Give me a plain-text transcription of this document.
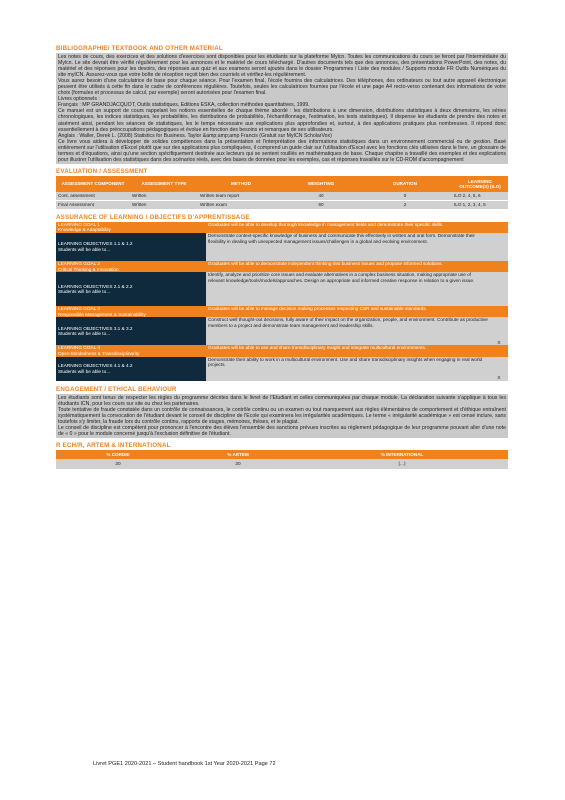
BIBLIOGRAPHIE/ TEXTBOOK AND OTHER MATERIAL

Les notes de cours, des exercices et des solutions d'exercices sont disponibles pour les étudiants sur la plateforme Mylcn. Toutes les communications du cours se feront par l'intermédiaire du Mylcn. Le site devrait être vérifié régulièrement pour les annonces et le matériel de cours téléchargé. D'autres documents tels que des annonces, des présentations PowerPoint, des notes, du matériel et des réponses pour les devoirs, des réponses aux quiz et aux examens seront ajoutés dans le dossier Programmes / Liste des modules / Supports module FR Outils Numériques du site myICN. Assurez-vous que votre boîte de réception reçoit bien des courriels et vérifiez-les régulièrement.

Vous aurez besoin d'une calculatrice de base pour chaque séance. Pour l'examen final, l'école fournira des calculatrices. Des téléphones, des ordinateurs ou tout autre appareil électronique peuvent être utilisés à cette fin dans le cadre de conférences régulières. Toutefois, seules les calculatrices fournies par l'école et une page A4 recto-verso contenant des informations de votre choix (formules et processus de calcul, par exemple) seront autorisées pour l'examen final.

Livres optionnels :

Français : MP GRANDJACQUOT, Outils statistiques, Editions ESKA, collection méthodes quantitatives, 1999.

Ce manuel est un support de cours rappelant les notions essentielles de chaque thème abordé : les distributions à une dimension, distributions statistiques à deux dimensions, les séries chronologiques, les indices statistiques, les probabilités, les distributions de probabilités, l'échantillonnage, l'estimation, les tests statistiques). Il dispense les étudiants de prendre des notes et aisément ainsi, pendant les séances de statistiques, les le temps nécessaire aux explications plus approfondies et, surtout, à des applications pratiques plus nombreuses. Il répond donc essentiellement à des préoccupations pédagogiques et évolue en fonction des besoins et remarques de ses utilisateurs.

Anglais : Waller, Derek L. (2008) Statistics for Business. Taylor &amp;amp;amp Francis (Gratuit sur MyICN ScholarVox)

Ce livre vous aidera à développer de solides compétences dans la présentation et l'interprétation des informations statistiques dans un environnement commercial ou de gestion. Basé entièrement sur l'utilisation d'Excel plutôt que sur des applications plus compliquées, il comprend un guide clair sur l'utilisation d'Excel avec les fonctions clés utilisées dans le livre, un glossaire de termes et d'équations, ainsi qu'une section spécifiquement destinée aux lecteurs qui se sentent rouillés en mathématiques de base. Chaque chapitre a travaillé des exemples et des explications pour illustrer l'utilisation des statistiques dans des scénarios réels, avec des bases de données pour les exemples, cas et réponses travaillés sur le CD-ROM d'accompagnement

EVALUATION / ASSESSMENT
ASSESSMENT COMPONENT	ASSESSMENT TYPE	METHOD	WEIGHTING	DURATION	LEARNING OUTCOME(S) (ILO)
Cont. assessment	Written	Written team report	40	0	ILO 2, 4, 5, 6
Final Assessment	Written	Written exam	60	2	ILO 1, 2, 3, 4, 5
ASSURANCE OF LEARNING / OBJECTIFS D'APPRENTISSAGE
LEARNING GOAL 1
Knowledge & Adaptability	Graduates will be able to develop thorough knowledge in management fields and demonstrate their specific skills.	
LEARNING OBJECTIVES 1.1 & 1.2
Students will be able to...	Demonstrate context-specific knowledge of business and communicate this effectively in written and oral form. Demonstrate their flexibility in dealing with unexpected management issues/challenges in a global and evolving environment.	
LEARNING GOAL 2
Critical Thinking & Innovation	Graduates will be able to demonstrate independent thinking into business issues and propose informed solutions.	
LEARNING OBJECTIVES 2.1 & 2.2
Students will be able to...	Identify, analyze and prioritize core issues and evaluate alternatives in a complex business situation, making appropriate use of relevant knowledge/tools/models/approaches. Design an appropriate and informed creative response in relation to a given issue.	
LEARNING GOAL 3
Responsible Management & Sustainability	Graduates will be able to manage decision making processes respecting CSR and sustainable standards.	
LEARNING OBJECTIVES 3.1 & 3.2
Students will be able to...	Construct well thought-out decisions, fully aware of their impact on the organization, people, and environment. Contribute as productive members to a project and demonstrate team management and leadership skills.	X
LEARNING GOAL 4
Open-Mindedness & Transdisciplinarity	Graduates will be able to use and share transdisciplinary insight and integrate multicultural environments.	
LEARNING OBJECTIVES 4.1 & 4.2
Students will be able to...	Demonstrate their ability to work in a multicultural environment. Use and share transdisciplinary insights when engaging in real world projects.	X
ENGAGEMENT / ETHICAL BEHAVIOUR

Les étudiants sont tenus de respecter les règles du programme décrites dans le livret de l'Etudiant et celles communiquées par chaque module. La déclaration suivante s'applique à tous les étudiants ICN, pour les cours sur site ou chez les partenaires.

Toute tentative de fraude constatée dans un contrôle de connaissances, le contrôle continu ou un examen ou tout manquement aux règles élémentaires de comportement et d'éthique entraînent systématiquement la convocation de l'étudiant devant le conseil de discipline de l'Ecole qui examinera les irrégularités académiques. Le terme « irrégularité académique » est censé inclure, sans toutefois s'y limiter, la fraude lors du contrôle continu, rapports de stages, mémoires, thèses, et le plagiat.

Le conseil de discipline est compétent pour prononcer à l'encontre des élèves l'ensemble des sanctions prévues inscrites au règlement pédagogique de leur programme pouvant aller d'une note de « 0 » pour le module concerné jusqu'à l'exclusion définitive de l'étudiant.

R ECH/R, ARTEM & INTERNATIONAL
% CORDIE	% ARTEM	% INTERNATIONAL
20	20	(...)
Livret PGE1 2020-2021 – Student handbook 1st Year 2020-2021 Page 72
